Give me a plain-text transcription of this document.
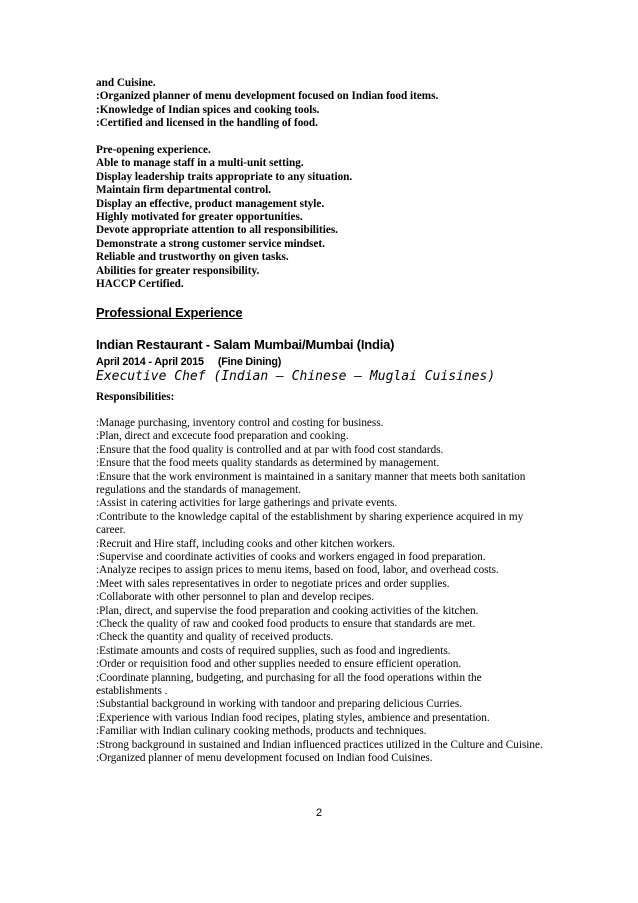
and Cuisine.
:Organized planner of menu development focused on Indian food items.
:Knowledge of Indian spices and cooking tools.
:Certified and licensed in the handling of food.
Pre-opening experience.
Able to manage staff in a multi-unit setting.
Display leadership traits appropriate to any situation.
Maintain firm departmental control.
Display an effective, product management style.
Highly motivated for greater opportunities.
Devote appropriate attention to all responsibilities.
Demonstrate a strong customer service mindset.
Reliable and trustworthy on given tasks.
Abilities for greater responsibility.
HACCP Certified.
Professional Experience
Indian Restaurant - Salam Mumbai/Mumbai (India)
April 2014 - April 2015 (Fine Dining)
Executive Chef (Indian – Chinese – Muglai Cuisines)
Responsibilities:
:Manage purchasing, inventory control and costing for business.
:Plan, direct and excecute food preparation and cooking.
:Ensure that the food quality is controlled and at par with food cost standards.
:Ensure that the food meets quality standards as determined by management.
:Ensure that the work environment is maintained in a sanitary manner that meets both sanitation regulations and the standards of management.
:Assist in catering activities for large gatherings and private events.
:Contribute to the knowledge capital of the establishment by sharing experience acquired in my career.
:Recruit and Hire staff, including cooks and other kitchen workers.
:Supervise and coordinate activities of cooks and workers engaged in food preparation.
:Analyze recipes to assign prices to menu items, based on food, labor, and overhead costs.
:Meet with sales representatives in order to negotiate prices and order supplies.
:Collaborate with other personnel to plan and develop recipes.
:Plan, direct, and supervise the food preparation and cooking activities of the kitchen.
:Check the quality of raw and cooked food products to ensure that standards are met.
:Check the quantity and quality of received products.
:Estimate amounts and costs of required supplies, such as food and ingredients.
:Order or requisition food and other supplies needed to ensure efficient operation.
:Coordinate planning, budgeting, and purchasing for all the food operations within the establishments .
:Substantial background in working with tandoor and preparing delicious Curries.
:Experience with various Indian food recipes, plating styles, ambience and presentation.
:Familiar with Indian culinary cooking methods, products and techniques.
:Strong background in sustained and Indian influenced practices utilized in the Culture and Cuisine.
:Organized planner of menu development focused on Indian food Cuisines.
2
